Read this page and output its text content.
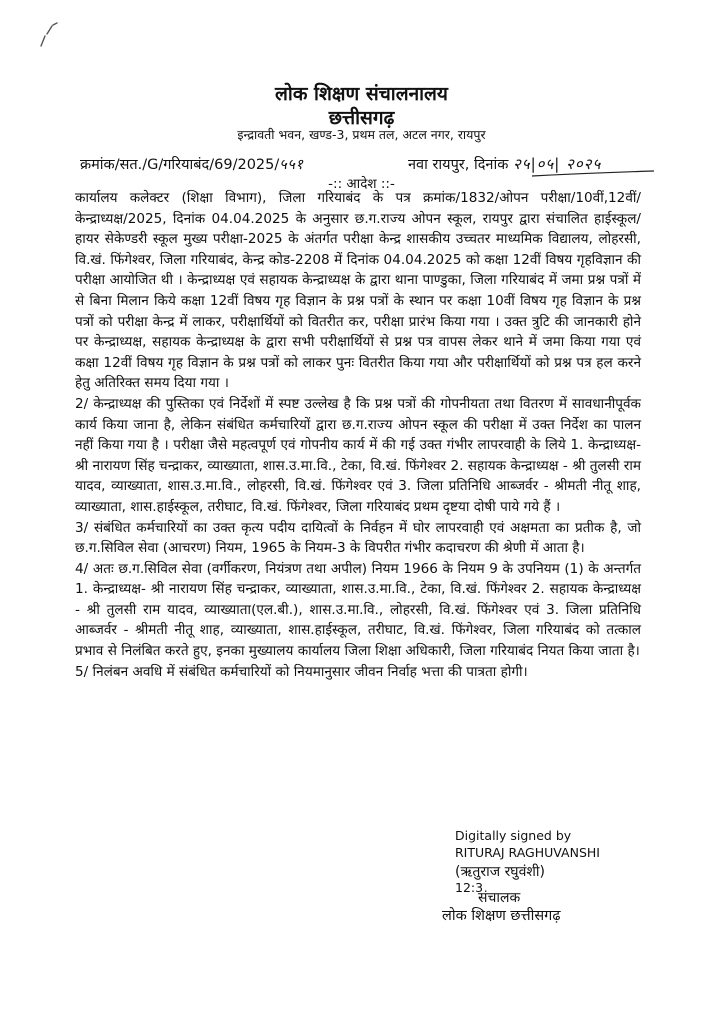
लोक शिक्षण संचालनालय
छत्तीसगढ़
इन्द्रावती भवन, खण्ड-3, प्रथम तल, अटल नगर, रायपुर
क्रमांक/सत./G/गरियाबंद/69/2025/५५१	नवा रायपुर, दिनांक २५|०५| २०२५
-:: आदेश ::-

कार्यालय कलेक्टर (शिक्षा विभाग), जिला गरियाबंद के पत्र क्रमांक/1832/ओपन परीक्षा/10वीं,12वीं/केन्द्राध्यक्ष/2025, दिनांक 04.04.2025 के अनुसार छ.ग.राज्य ओपन स्कूल, रायपुर द्वारा संचालित हाईस्कूल/हायर सेकेण्डरी स्कूल मुख्य परीक्षा-2025 के अंतर्गत परीक्षा केन्द्र शासकीय उच्चतर माध्यमिक विद्यालय, लोहरसी, वि.खं. फिंगेश्वर, जिला गरियाबंद, केन्द्र कोड-2208 में दिनांक 04.04.2025 को कक्षा 12वीं विषय गृहविज्ञान की परीक्षा आयोजित थी । केन्द्राध्यक्ष एवं सहायक केन्द्राध्यक्ष के द्वारा थाना पाण्डुका, जिला गरियाबंद में जमा प्रश्न पत्रों में से बिना मिलान किये कक्षा 12वीं विषय गृह विज्ञान के प्रश्न पत्रों के स्थान पर कक्षा 10वीं विषय गृह विज्ञान के प्रश्न पत्रों को परीक्षा केन्द्र में लाकर, परीक्षार्थियों को वितरीत कर, परीक्षा प्रारंभ किया गया । उक्त त्रुटि की जानकारी होने पर केन्द्राध्यक्ष, सहायक केन्द्राध्यक्ष के द्वारा सभी परीक्षार्थियों से प्रश्न पत्र वापस लेकर थाने में जमा किया गया एवं कक्षा 12वीं विषय गृह विज्ञान के प्रश्न पत्रों को लाकर पुनः वितरीत किया गया और परीक्षार्थियों को प्रश्न पत्र हल करने हेतु अतिरिक्त समय दिया गया ।

2/ केन्द्राध्यक्ष की पुस्तिका एवं निर्देशों में स्पष्ट उल्लेख है कि प्रश्न पत्रों की गोपनीयता तथा वितरण में सावधानीपूर्वक कार्य किया जाना है, लेकिन संबंधित कर्मचारियों द्वारा छ.ग.राज्य ओपन स्कूल की परीक्षा में उक्त निर्देश का पालन नहीं किया गया है । परीक्षा जैसे महत्वपूर्ण एवं गोपनीय कार्य में की गई उक्त गंभीर लापरवाही के लिये 1. केन्द्राध्यक्ष- श्री नारायण सिंह चन्द्राकर, व्याख्याता, शास.उ.मा.वि., टेका, वि.खं. फिंगेश्वर 2. सहायक केन्द्राध्यक्ष - श्री तुलसी राम यादव, व्याख्याता, शास.उ.मा.वि., लोहरसी, वि.खं. फिंगेश्वर एवं 3. जिला प्रतिनिधि आब्जर्वर - श्रीमती नीतू शाह, व्याख्याता, शास.हाईस्कूल, तरीघाट, वि.खं. फिंगेश्वर, जिला गरियाबंद प्रथम दृष्टया दोषी पाये गये हैं ।

3/ संबंधित कर्मचारियों का उक्त कृत्य पदीय दायित्वों के निर्वहन में घोर लापरवाही एवं अक्षमता का प्रतीक है, जो छ.ग.सिविल सेवा (आचरण) नियम, 1965 के नियम-3 के विपरीत गंभीर कदाचरण की श्रेणी में आता है।

4/ अतः छ.ग.सिविल सेवा (वर्गीकरण, नियंत्रण तथा अपील) नियम 1966 के नियम 9 के उपनियम (1) के अन्तर्गत 1. केन्द्राध्यक्ष- श्री नारायण सिंह चन्द्राकर, व्याख्याता, शास.उ.मा.वि., टेका, वि.खं. फिंगेश्वर 2. सहायक केन्द्राध्यक्ष - श्री तुलसी राम यादव, व्याख्याता(एल.बी.), शास.उ.मा.वि., लोहरसी, वि.खं. फिंगेश्वर एवं 3. जिला प्रतिनिधि आब्जर्वर - श्रीमती नीतू शाह, व्याख्याता, शास.हाईस्कूल, तरीघाट, वि.खं. फिंगेश्वर, जिला गरियाबंद को तत्काल प्रभाव से निलंबित करते हुए, इनका मुख्यालय कार्यालय जिला शिक्षा अधिकारी, जिला गरियाबंद नियत किया जाता है।

5/ निलंबन अवधि में संबंधित कर्मचारियों को नियमानुसार जीवन निर्वाह भत्ता की पात्रता होगी।

Digitally signed by
RITURAJ RAGHUVANSHI
(ऋतुराज रघुवंशी)
12:3
संचालक
लोक शिक्षण छत्तीसगढ़
